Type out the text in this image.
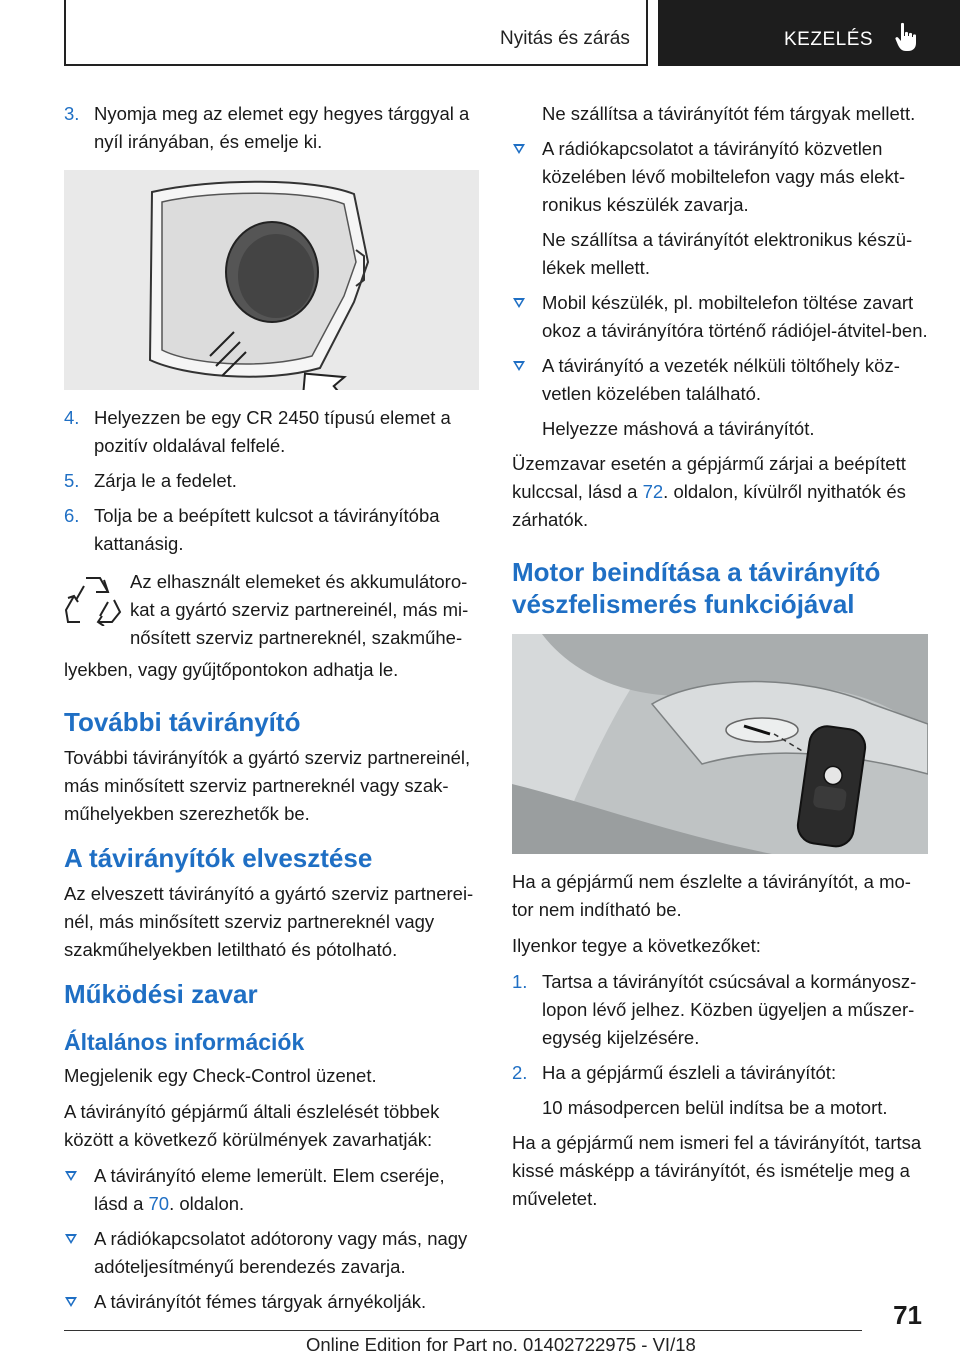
Nyitás és zárás	KEZELÉS
3. Nyomja meg az elemet egy hegyes tárggyal a nyíl irányában, és emelje ki.
4. Helyezzen be egy CR 2450 típusú elemet a pozitív oldalával felfelé.
5. Zárja le a fedelet.
6. Tolja be a beépített kulcsot a távirányítóba kattanásig.
Az elhasznált elemeket és akkumulátoro-kat a gyártó szerviz partnereinél, más mi-nősített szerviz partnereknél, szakműhe-

lyekben, vagy gyűjtőpontokon adhatja le.

További távirányító

További távirányítók a gyártó szerviz partnereinél, más minősített szerviz partnereknél vagy szak-műhelyekben szerezhetők be.

A távirányítók elvesztése

Az elveszett távirányító a gyártó szerviz partnerei-nél, más minősített szerviz partnereknél vagy szakműhelyekben letiltható és pótolható.

Működési zavar
Általános információk

Megjelenik egy Check-Control üzenet.

A távirányító gépjármű általi észlelését többek között a következő körülmények zavarhatják:

A távirányító eleme lemerült. Elem cseréje, lásd a 70. oldalon.
A rádiókapcsolatot adótorony vagy más, nagy adóteljesítményű berendezés zavarja.
A távirányítót fémes tárgyak árnyékolják.

Ne szállítsa a távirányítót fém tárgyak mellett.

A rádiókapcsolatot a távirányító közvetlen közelében lévő mobiltelefon vagy más elekt-ronikus készülék zavarja.

Ne szállítsa a távirányítót elektronikus készü-lékek mellett.

Mobil készülék, pl. mobiltelefon töltése zavart okoz a távirányítóra történő rádiójel-átvitel-ben.
A távirányító a vezeték nélküli töltőhely köz-vetlen közelében található.

Helyezze máshová a távirányítót.

Üzemzavar esetén a gépjármű zárjai a beépített kulccsal, lásd a 72. oldalon, kívülről nyithatók és zárhatók.

Motor beindítása a távirányító vészfelismerés funkciójával

Ha a gépjármű nem észlelte a távirányítót, a mo-tor nem indítható be.

Ilyenkor tegye a következőket:

1. Tartsa a távirányítót csúcsával a kormányosz-lopon lévő jelhez. Közben ügyeljen a műszer-egység kijelzésére.
2. Ha a gépjármű észleli a távirányítót:

10 másodpercen belül indítsa be a motort.

Ha a gépjármű nem ismeri fel a távirányítót, tartsa kissé másképp a távirányítót, és ismételje meg a műveletet.

71
Online Edition for Part no. 01402722975 - VI/18
